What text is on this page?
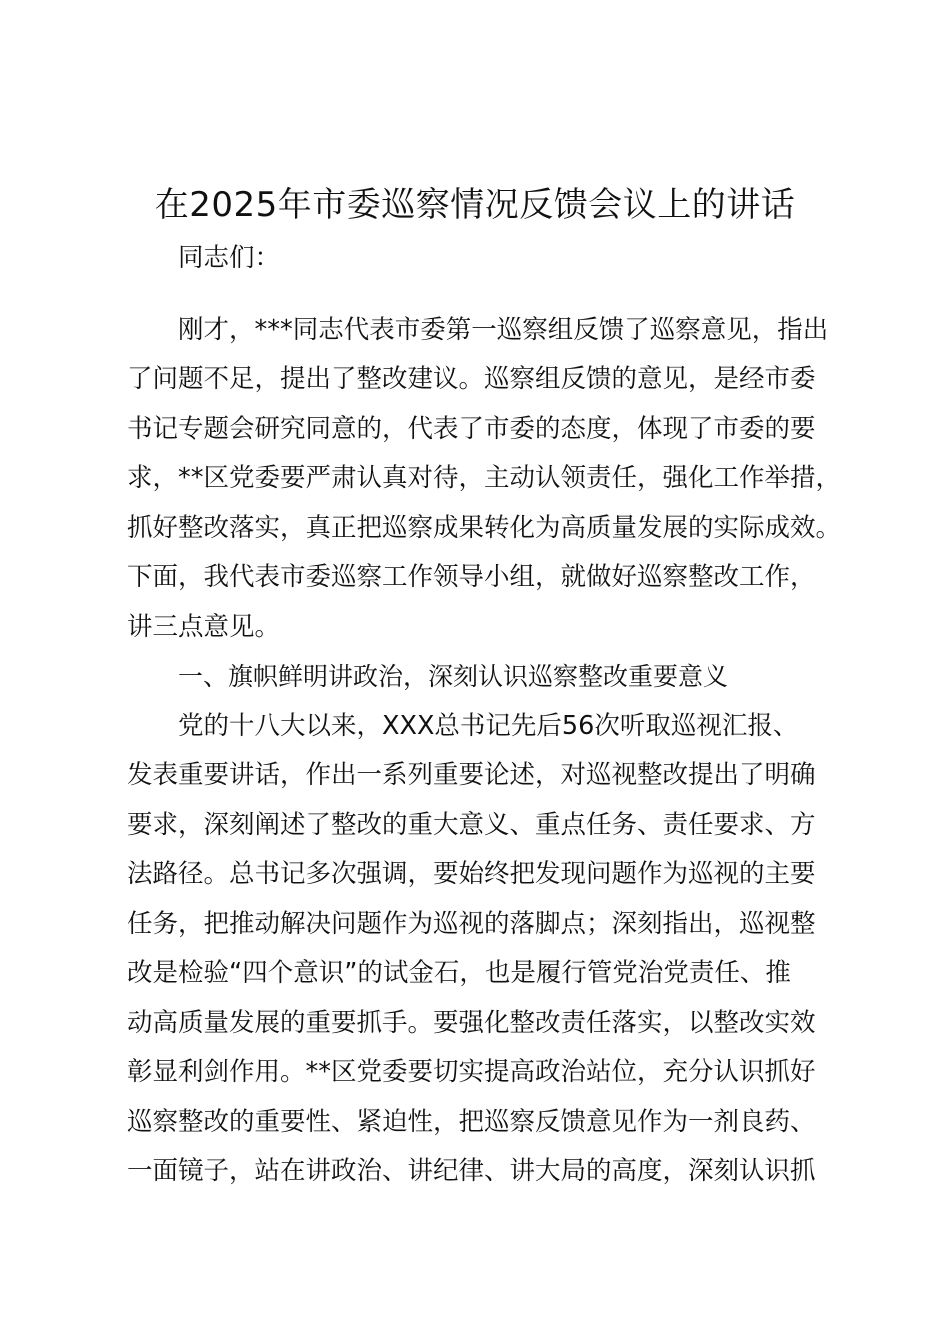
在2025年市委巡察情况反馈会议上的讲话
同志们：
刚才，***同志代表市委第一巡察组反馈了巡察意见，指出
了问题不足，提出了整改建议。巡察组反馈的意见，是经市委
书记专题会研究同意的，代表了市委的态度，体现了市委的要
求，**区党委要严肃认真对待，主动认领责任，强化工作举措，
抓好整改落实，真正把巡察成果转化为高质量发展的实际成效。
下面，我代表市委巡察工作领导小组，就做好巡察整改工作，
讲三点意见。
一、旗帜鲜明讲政治，深刻认识巡察整改重要意义
党的十八大以来，XXX总书记先后56次听取巡视汇报、
发表重要讲话，作出一系列重要论述，对巡视整改提出了明确
要求，深刻阐述了整改的重大意义、重点任务、责任要求、方
法路径。总书记多次强调，要始终把发现问题作为巡视的主要
任务，把推动解决问题作为巡视的落脚点；深刻指出，巡视整
改是检验“四个意识”的试金石，也是履行管党治党责任、推
动高质量发展的重要抓手。要强化整改责任落实，以整改实效
彰显利剑作用。**区党委要切实提高政治站位，充分认识抓好
巡察整改的重要性、紧迫性，把巡察反馈意见作为一剂良药、
一面镜子，站在讲政治、讲纪律、讲大局的高度，深刻认识抓
